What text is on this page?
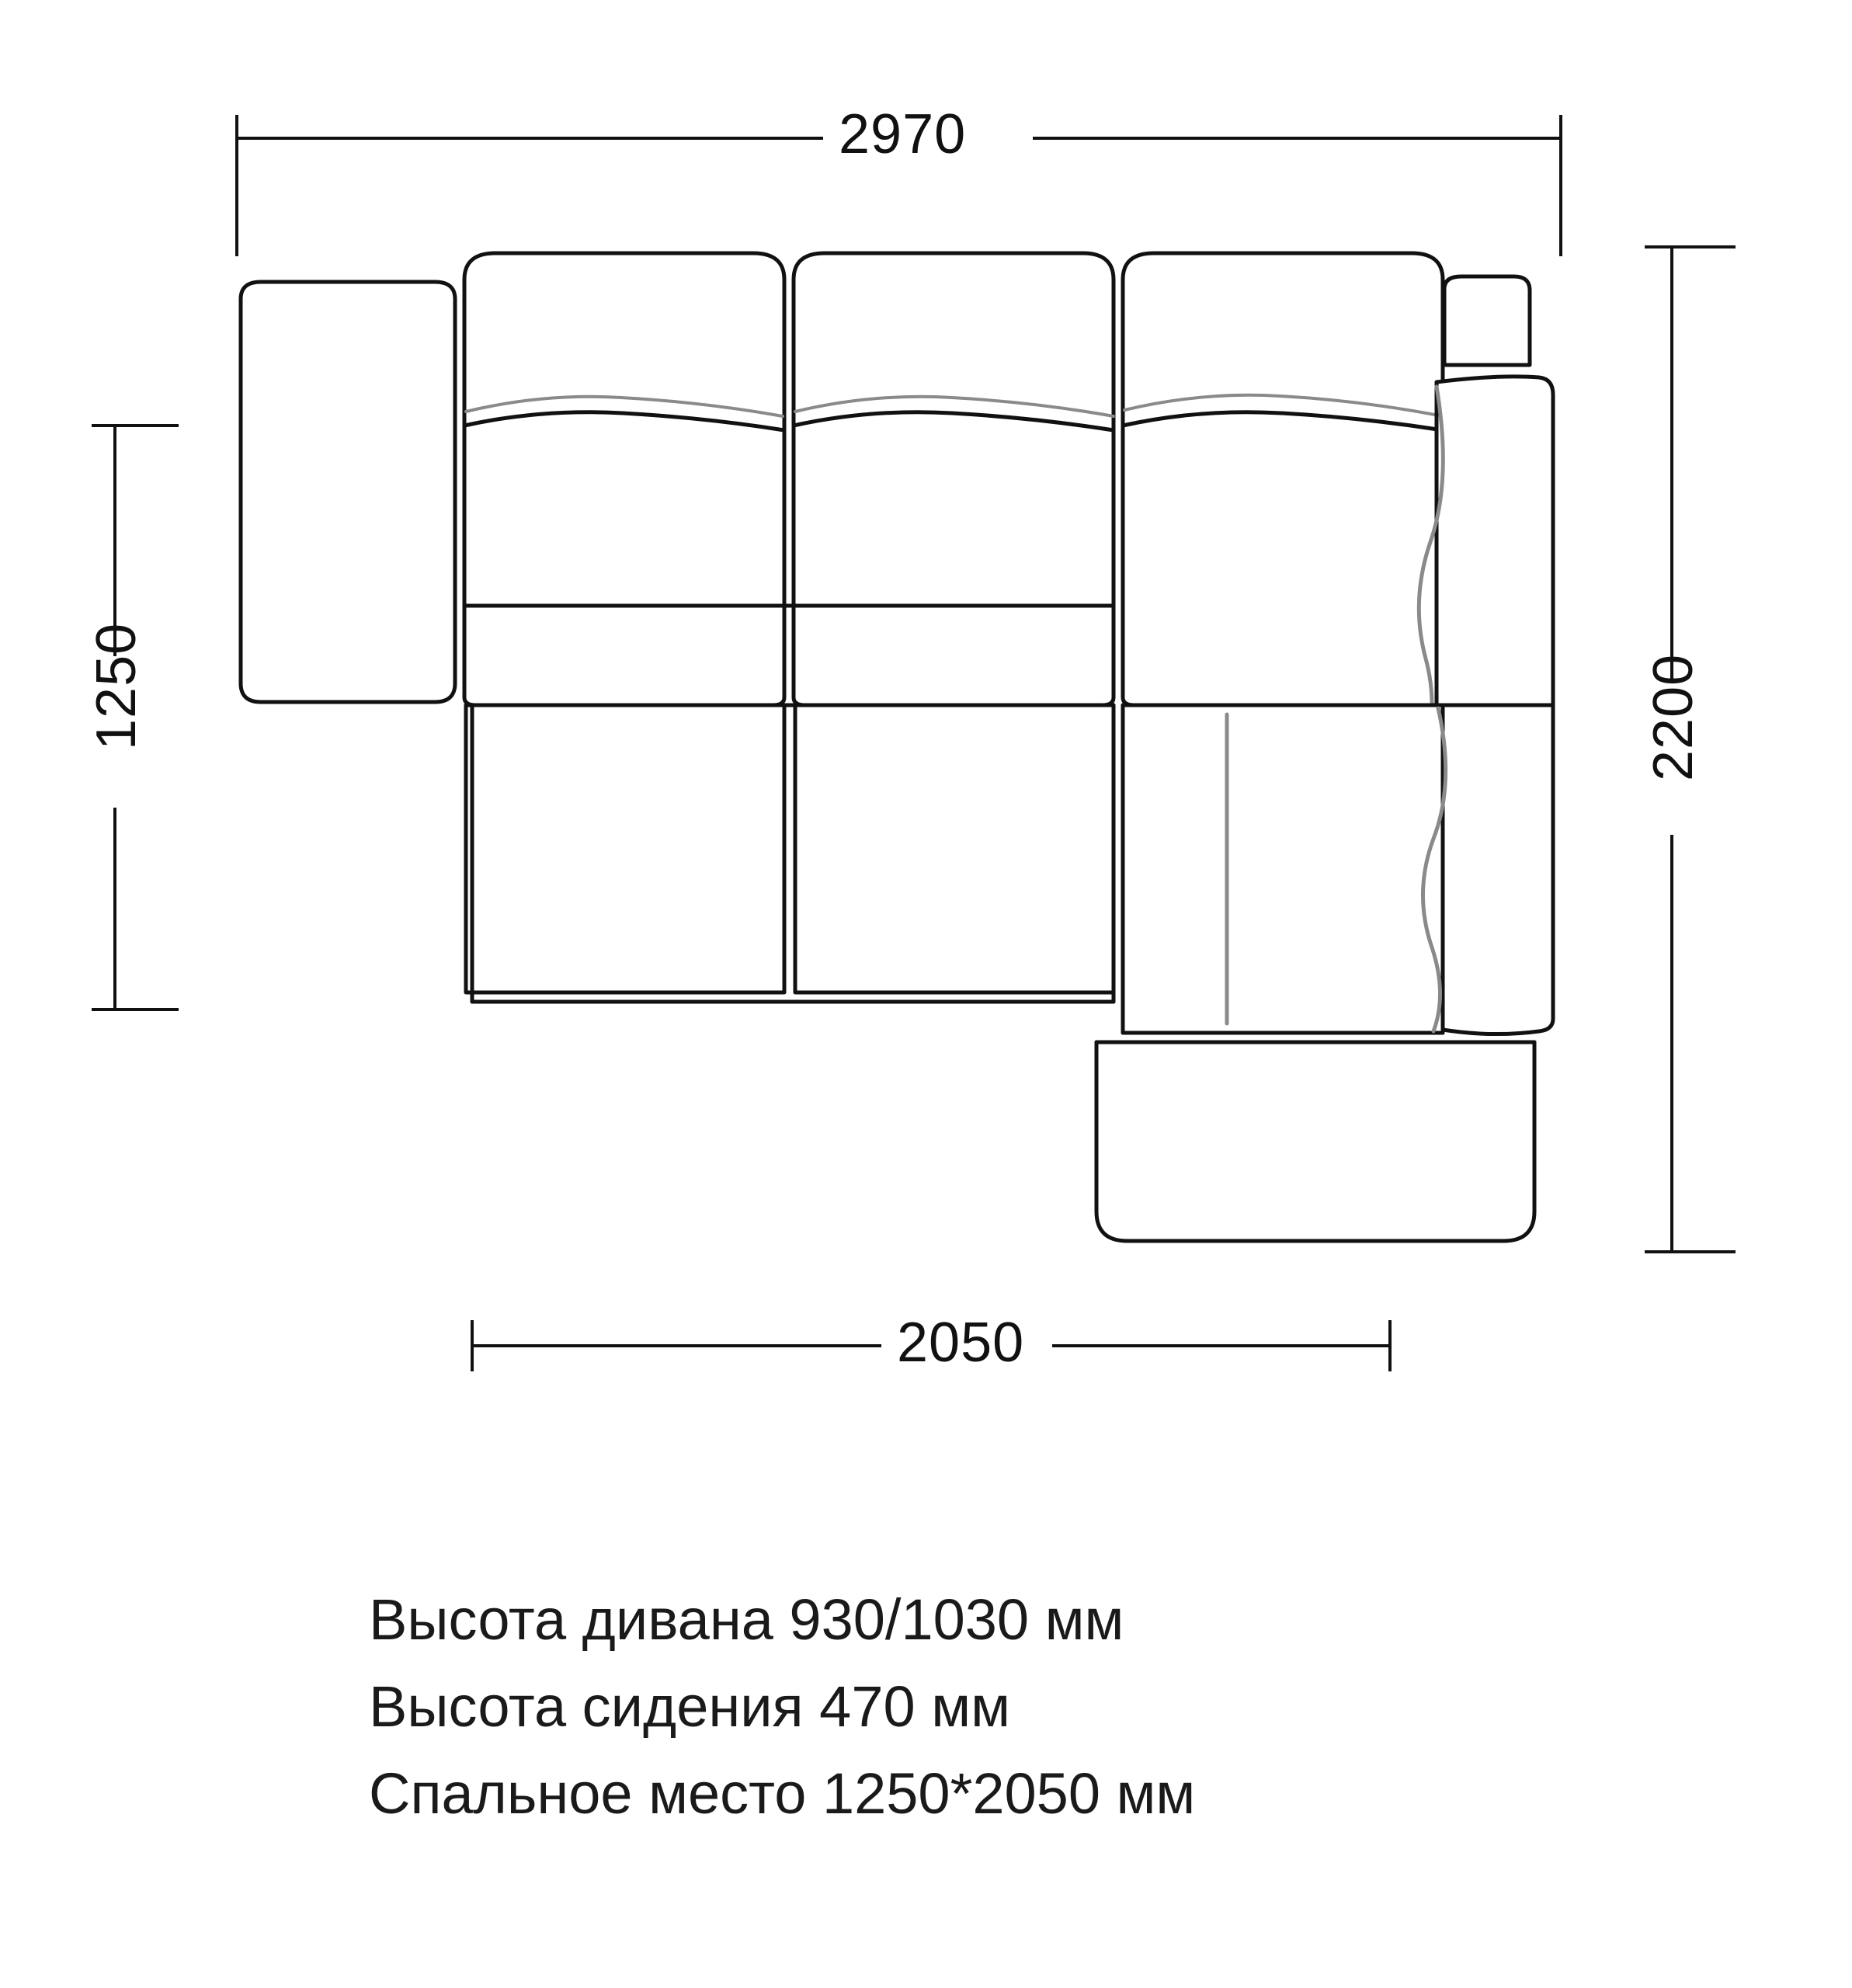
2970
2050
1250	2200
Высота дивана 930/1030 мм
Высота сидения 470 мм
Спальное место 1250*2050 мм
